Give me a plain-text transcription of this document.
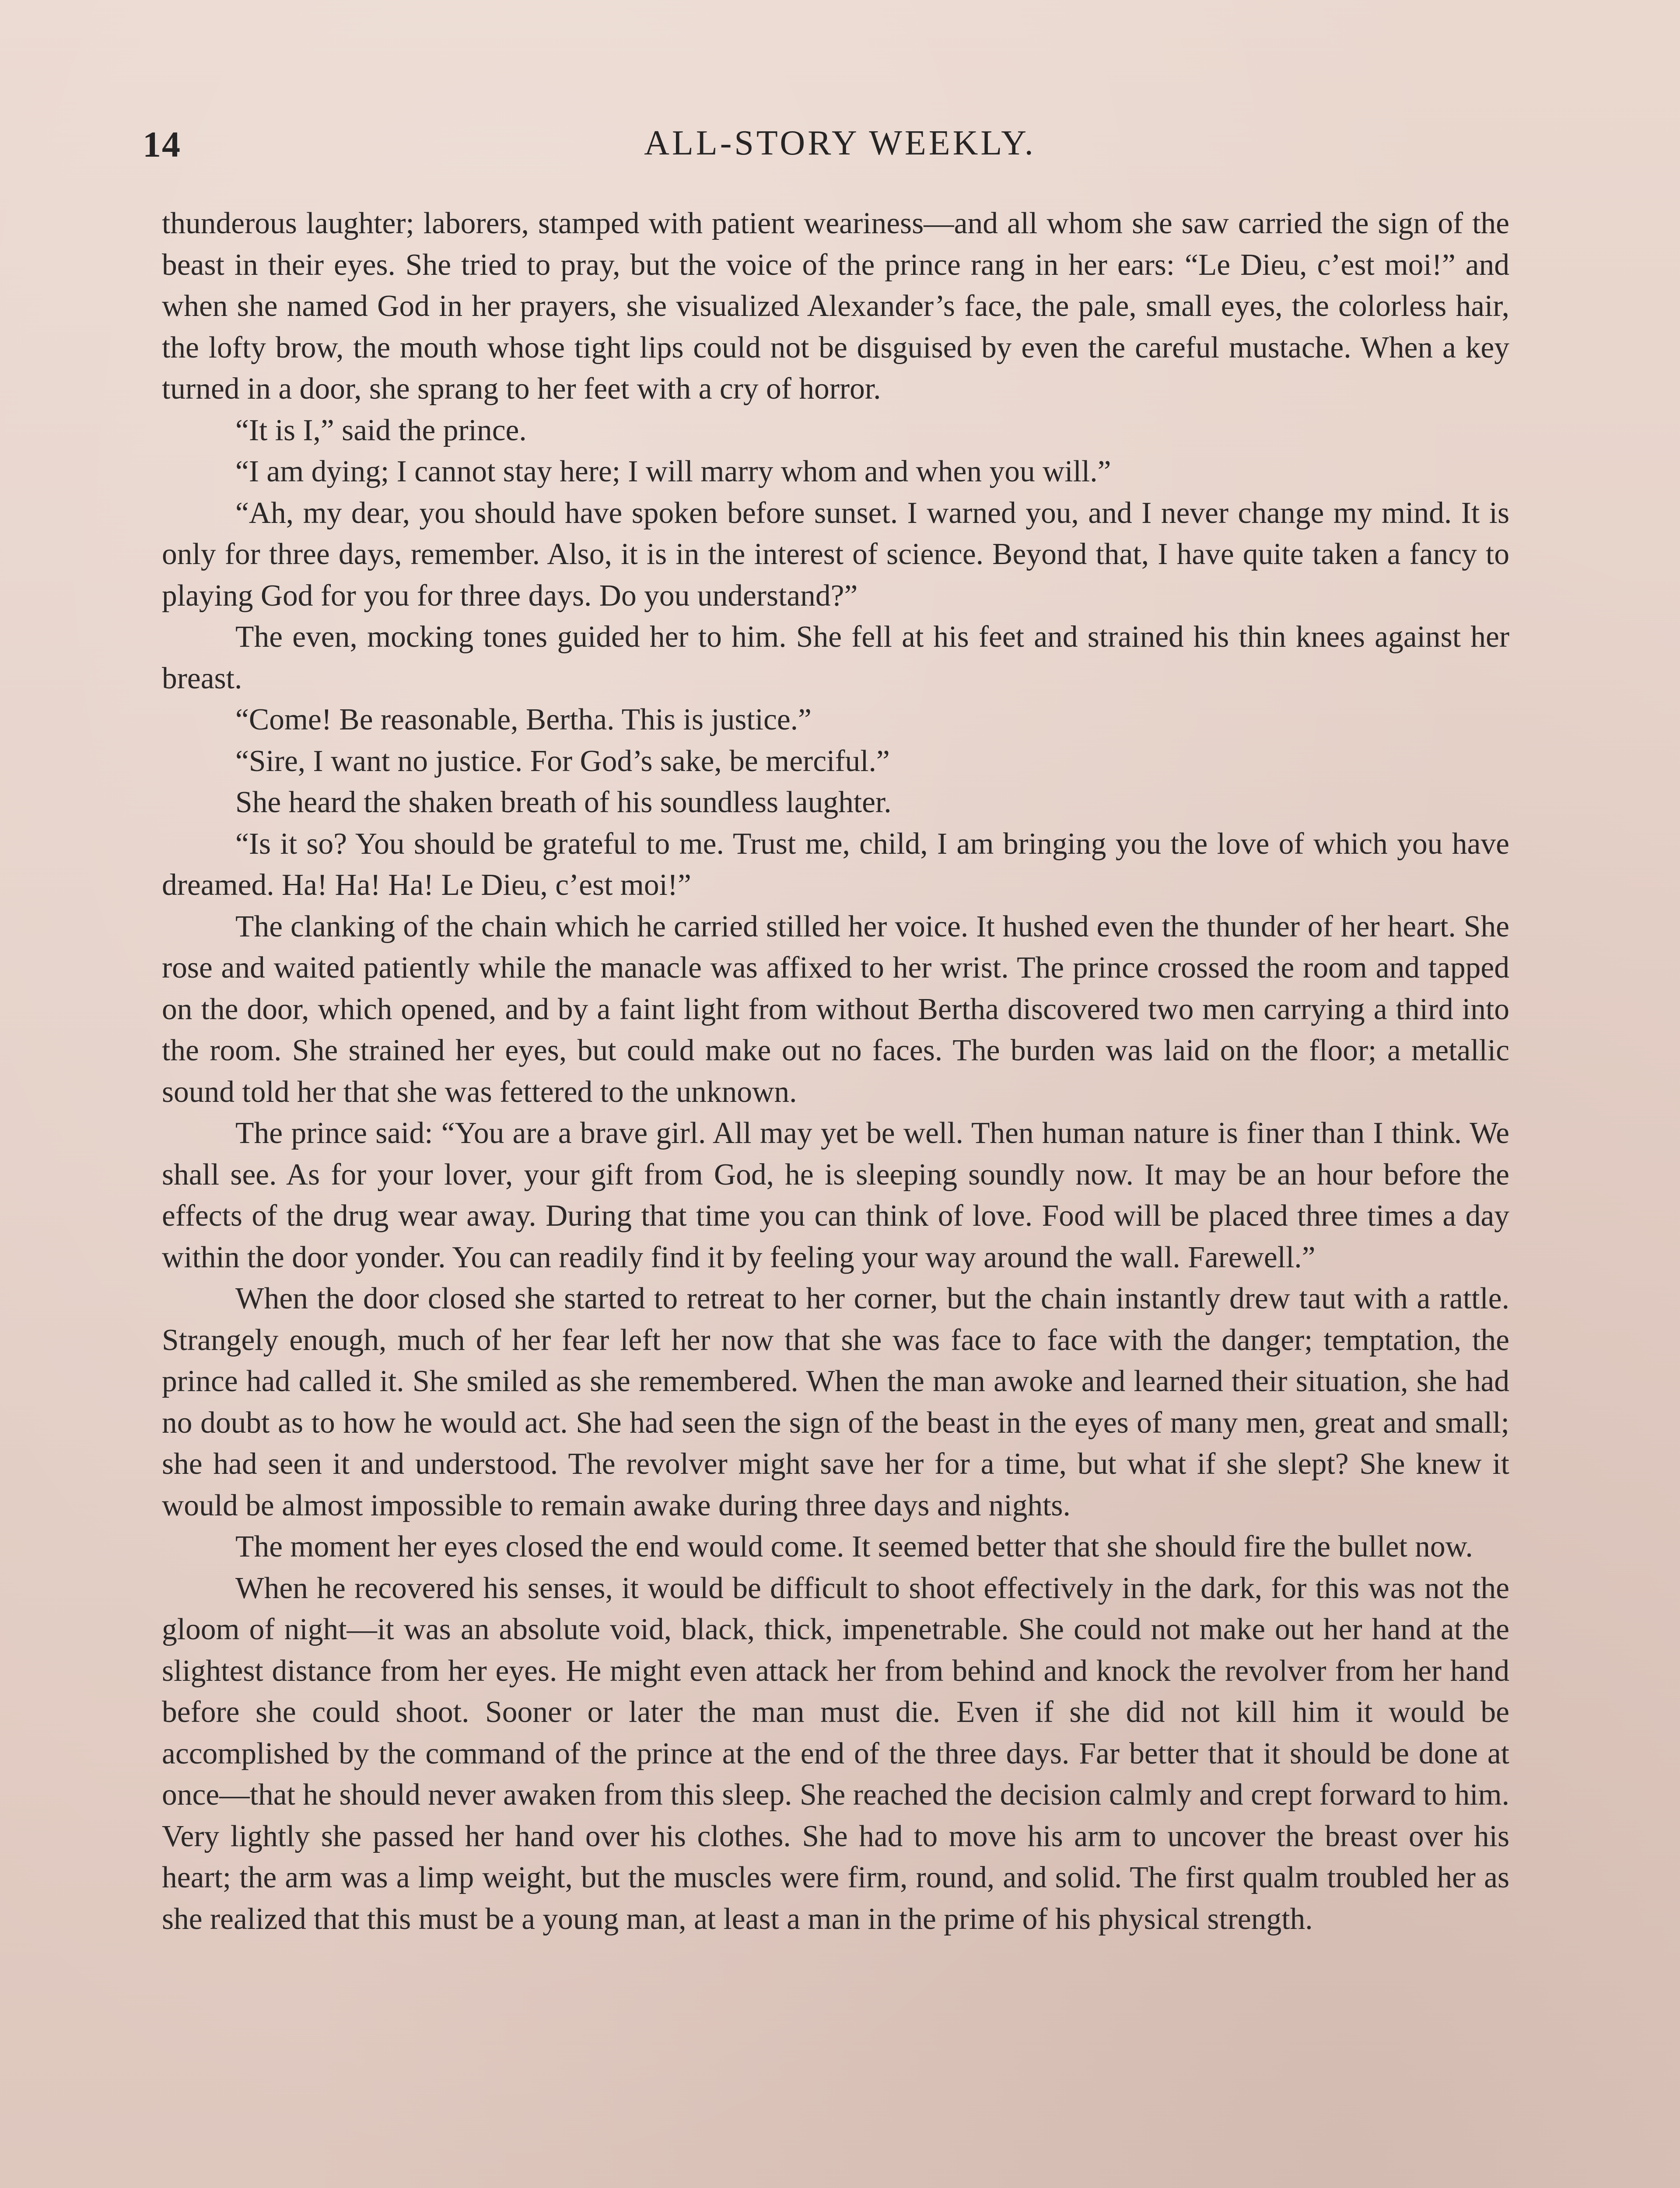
14	ALL-STORY WEEKLY.

thunderous laughter; laborers, stamped with patient weariness—and all whom she saw carried the sign of the beast in their eyes. She tried to pray, but the voice of the prince rang in her ears: “Le Dieu, c’est moi!” and when she named God in her prayers, she visualized Alexander’s face, the pale, small eyes, the colorless hair, the lofty brow, the mouth whose tight lips could not be disguised by even the careful mustache. When a key turned in a door, she sprang to her feet with a cry of horror.

“It is I,” said the prince.

“I am dying; I cannot stay here; I will marry whom and when you will.”

“Ah, my dear, you should have spoken before sunset. I warned you, and I never change my mind. It is only for three days, remember. Also, it is in the interest of science. Beyond that, I have quite taken a fancy to playing God for you for three days. Do you understand?”

The even, mocking tones guided her to him. She fell at his feet and strained his thin knees against her breast.

“Come! Be reasonable, Bertha. This is justice.”

“Sire, I want no justice. For God’s sake, be merciful.”

She heard the shaken breath of his soundless laughter.

“Is it so? You should be grateful to me. Trust me, child, I am bringing you the love of which you have dreamed. Ha! Ha! Ha! Le Dieu, c’est moi!”

The clanking of the chain which he carried stilled her voice. It hushed even the thunder of her heart. She rose and waited patiently while the manacle was affixed to her wrist. The prince crossed the room and tapped on the door, which opened, and by a faint light from without Bertha discovered two men carrying a third into the room. She strained her eyes, but could make out no faces. The burden was laid on the floor; a metallic sound told her that she was fettered to the unknown.

The prince said: “You are a brave girl. All may yet be well. Then human nature is finer than I think. We shall see. As for your lover, your gift from God, he is sleeping soundly now. It may be an hour before the effects of the drug wear away. During that time you can think of love. Food will be placed three times a day within the door yonder. You can readily find it by feeling your way around the wall. Farewell.”

When the door closed she started to retreat to her corner, but the chain instantly drew taut with a rattle. Strangely enough, much of her fear left her now that she was face to face with the danger; temptation, the prince had called it. She smiled as she remembered. When the man awoke and learned their situation, she had no doubt as to how he would act. She had seen the sign of the beast in the eyes of many men, great and small; she had seen it and understood. The revolver might save her for a time, but what if she slept? She knew it would be almost impossible to remain awake during three days and nights.

The moment her eyes closed the end would come. It seemed better that she should fire the bullet now.

When he recovered his senses, it would be difficult to shoot effectively in the dark, for this was not the gloom of night—it was an absolute void, black, thick, impenetrable. She could not make out her hand at the slightest distance from her eyes. He might even attack her from behind and knock the revolver from her hand before she could shoot. Sooner or later the man must die. Even if she did not kill him it would be accomplished by the command of the prince at the end of the three days. Far better that it should be done at once—that he should never awaken from this sleep. She reached the decision calmly and crept forward to him. Very lightly she passed her hand over his clothes. She had to move his arm to uncover the breast over his heart; the arm was a limp weight, but the muscles were firm, round, and solid. The first qualm troubled her as she realized that this must be a young man, at least a man in the prime of his physical strength.
